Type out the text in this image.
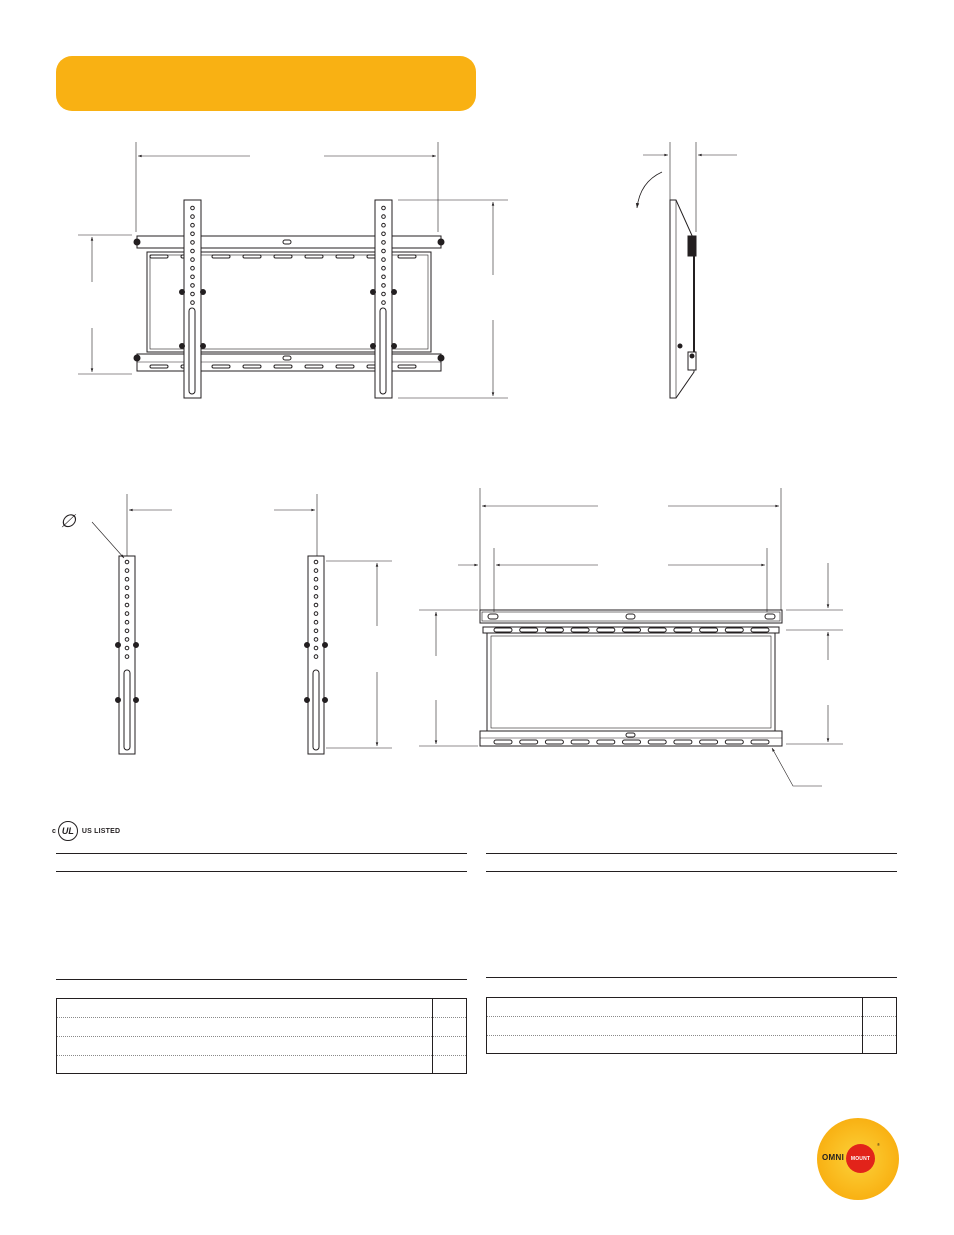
∅
c UL US LISTED
OMNI MOUNT
®
